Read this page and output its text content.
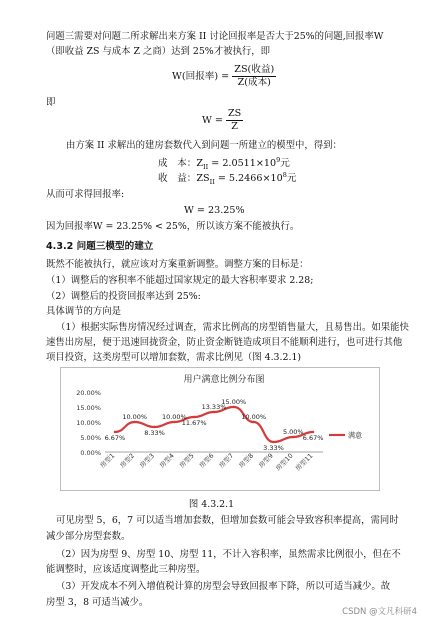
问题三需要对问题二所求解出来方案 II 讨论回报率是否大于25%的问题,回报率W
（即收益 ZS 与成本 Z 之商）达到 25%才被执行，即
W(回报率) = $\frac{\text{ZS(收益)}}{\text{Z(成本)}}$
即
$W = \frac{ZS}{Z}$
由方案 II 求解出的建房套数代入到问题一所建立的模型中，得到：
成　本：$Z_{II} = 2.0511\times 10^9$元
收　益：$ZS_{II} = 5.2466\times 10^8$元
从而可求得回报率:
W = 23.25%
因为回报率W = 23.25% < 25%，所以该方案不能被执行。
4.3.2 问题三模型的建立
既然不能被执行，就应该对方案重新调整。调整方案的目标是：
（1）调整后的容积率不能超过国家规定的最大容积率要求 2.28;
（2）调整后的投资回报率达到 25%:
具体调节的方向是
（1）根据实际售房情况经过调查，需求比例高的房型销售量大，且易售出。如果能快
用户满意比例分布图
20.00%
15.00%
10.00%
5.00%
0.00%
房型1 房型2 房型3 房型4 房型5 房型6 房型7 房型8 房型9 房型10 房型11
6.67%
10.00%
8.33%
10.00%
11.67%
13.33%
15.00%
10.00%
3.33%
5.00%
6.67%	满意
图 4.3.2.1
可见房型 5，6，7 可以适当增加套数，但增加套数可能会导致容积率提高，需同时
减少部分房型套数。
（2）因为房型 9、房型 10、房型 11，不计入容积率，虽然需求比例很小，但在不
能调整时，应该适度调整此三种房型。
（3）开发成本不列入增值税计算的房型会导致回报率下降，所以可适当减少。故
房型 3，8 可适当减少。
CSDN @文凡科研4
速售出房屋，便于迅速回拢资金，防止资金断链造成项目不能顺利进行，也可进行其他
项目投资，这类房型可以增加套数，需求比例见（图 4.3.2.1)
